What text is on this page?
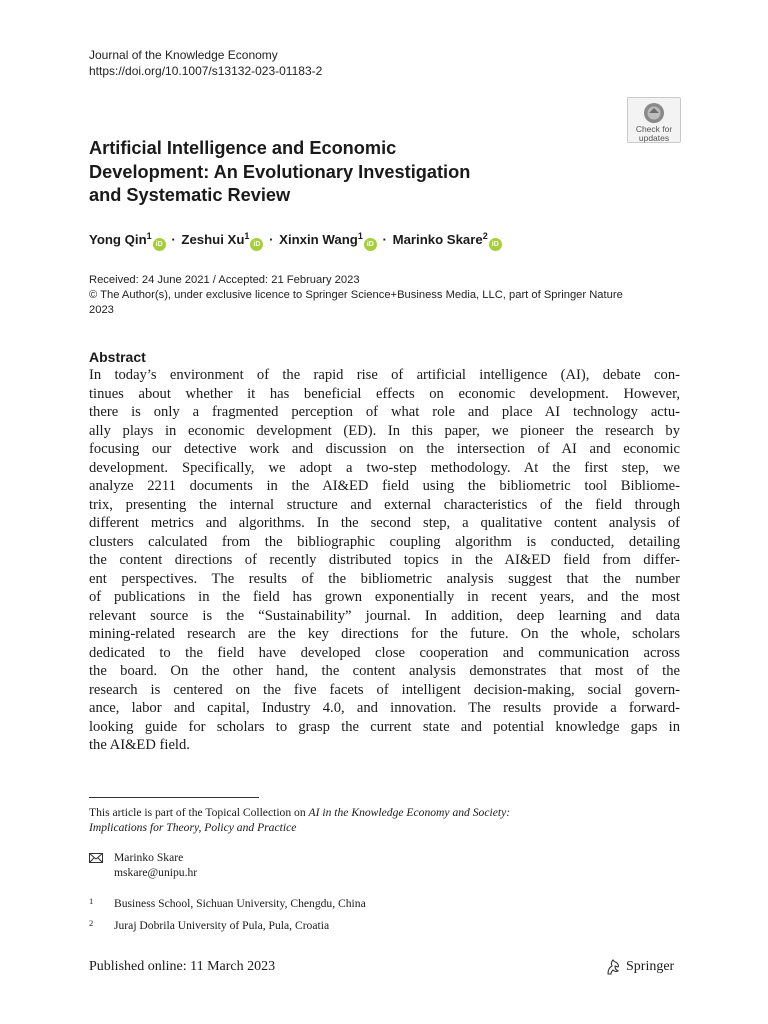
Journal of the Knowledge Economy
https://doi.org/10.1007/s13132-023-01183-2
Check for
updates
Artificial Intelligence and Economic
Development: An Evolutionary Investigation
and Systematic Review
Yong Qin$^1$iD · Zeshui $Xu^1iD$ · Xinxin Wang$^1$iD · Marinko Skare$^2$iD
Received: 24 June 2021 / Accepted: 21 February 2023
© The Author(s), under exclusive licence to Springer Science+Business Media, LLC, part of Springer Nature
2023
Abstract
In today’s environment of the rapid rise of artificial intelligence (AI), debate con-
tinues about whether it has beneficial effects on economic development. However,
there is only a fragmented perception of what role and place AI technology actu-
ally plays in economic development (ED). In this paper, we pioneer the research by
focusing our detective work and discussion on the intersection of AI and economic
development. Specifically, we adopt a two-step methodology. At the first step, we
analyze 2211 documents in the AI&ED field using the bibliometric tool Bibliome-
trix, presenting the internal structure and external characteristics of the field through
different metrics and algorithms. In the second step, a qualitative content analysis of
clusters calculated from the bibliographic coupling algorithm is conducted, detailing
the content directions of recently distributed topics in the AI&ED field from differ-
ent perspectives. The results of the bibliometric analysis suggest that the number
of publications in the field has grown exponentially in recent years, and the most
relevant source is the “Sustainability” journal. In addition, deep learning and data
mining-related research are the key directions for the future. On the whole, scholars
dedicated to the field have developed close cooperation and communication across
the board. On the other hand, the content analysis demonstrates that most of the
research is centered on the five facets of intelligent decision-making, social govern-
ance, labor and capital, Industry 4.0, and innovation. The results provide a forward-
looking guide for scholars to grasp the current state and potential knowledge gaps in
the AI&ED field.
This article is part of the Topical Collection on AI in the Knowledge Economy and Society:
Implications for Theory, Policy and Practice
Marinko Skare
mskare@unipu.hr
1 Business School, Sichuan University, Chengdu, China
2 Juraj Dobrila University of Pula, Pula, Croatia
Published online: 11 March 2023	Springer
